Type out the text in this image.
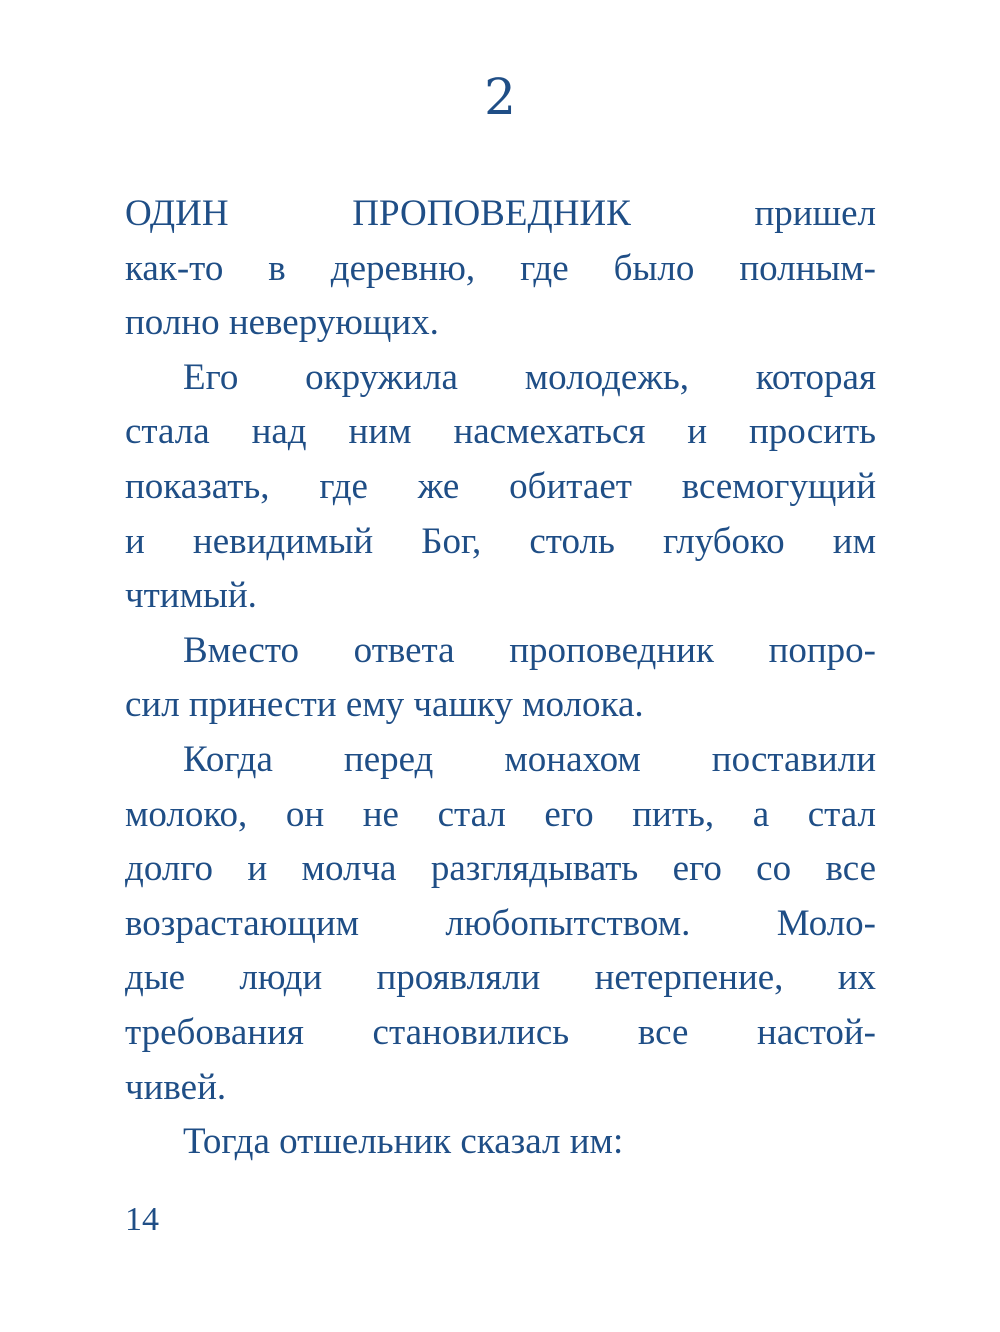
2
ОДИН ПРОПОВЕДНИК пришел
как-то в деревню, где было полным-
полно неверующих.
Его окружила молодежь, которая
стала над ним насмехаться и просить
показать, где же обитает всемогущий
и невидимый Бог, столь глубоко им
чтимый.
Вместо ответа проповедник попро-
сил принести ему чашку молока.
Когда перед монахом поставили
молоко, он не стал его пить, а стал
долго и молча разглядывать его со все
возрастающим любопытством. Моло-
дые люди проявляли нетерпение, их
требования становились все настой-
чивей.
Тогда отшельник сказал им:
14
